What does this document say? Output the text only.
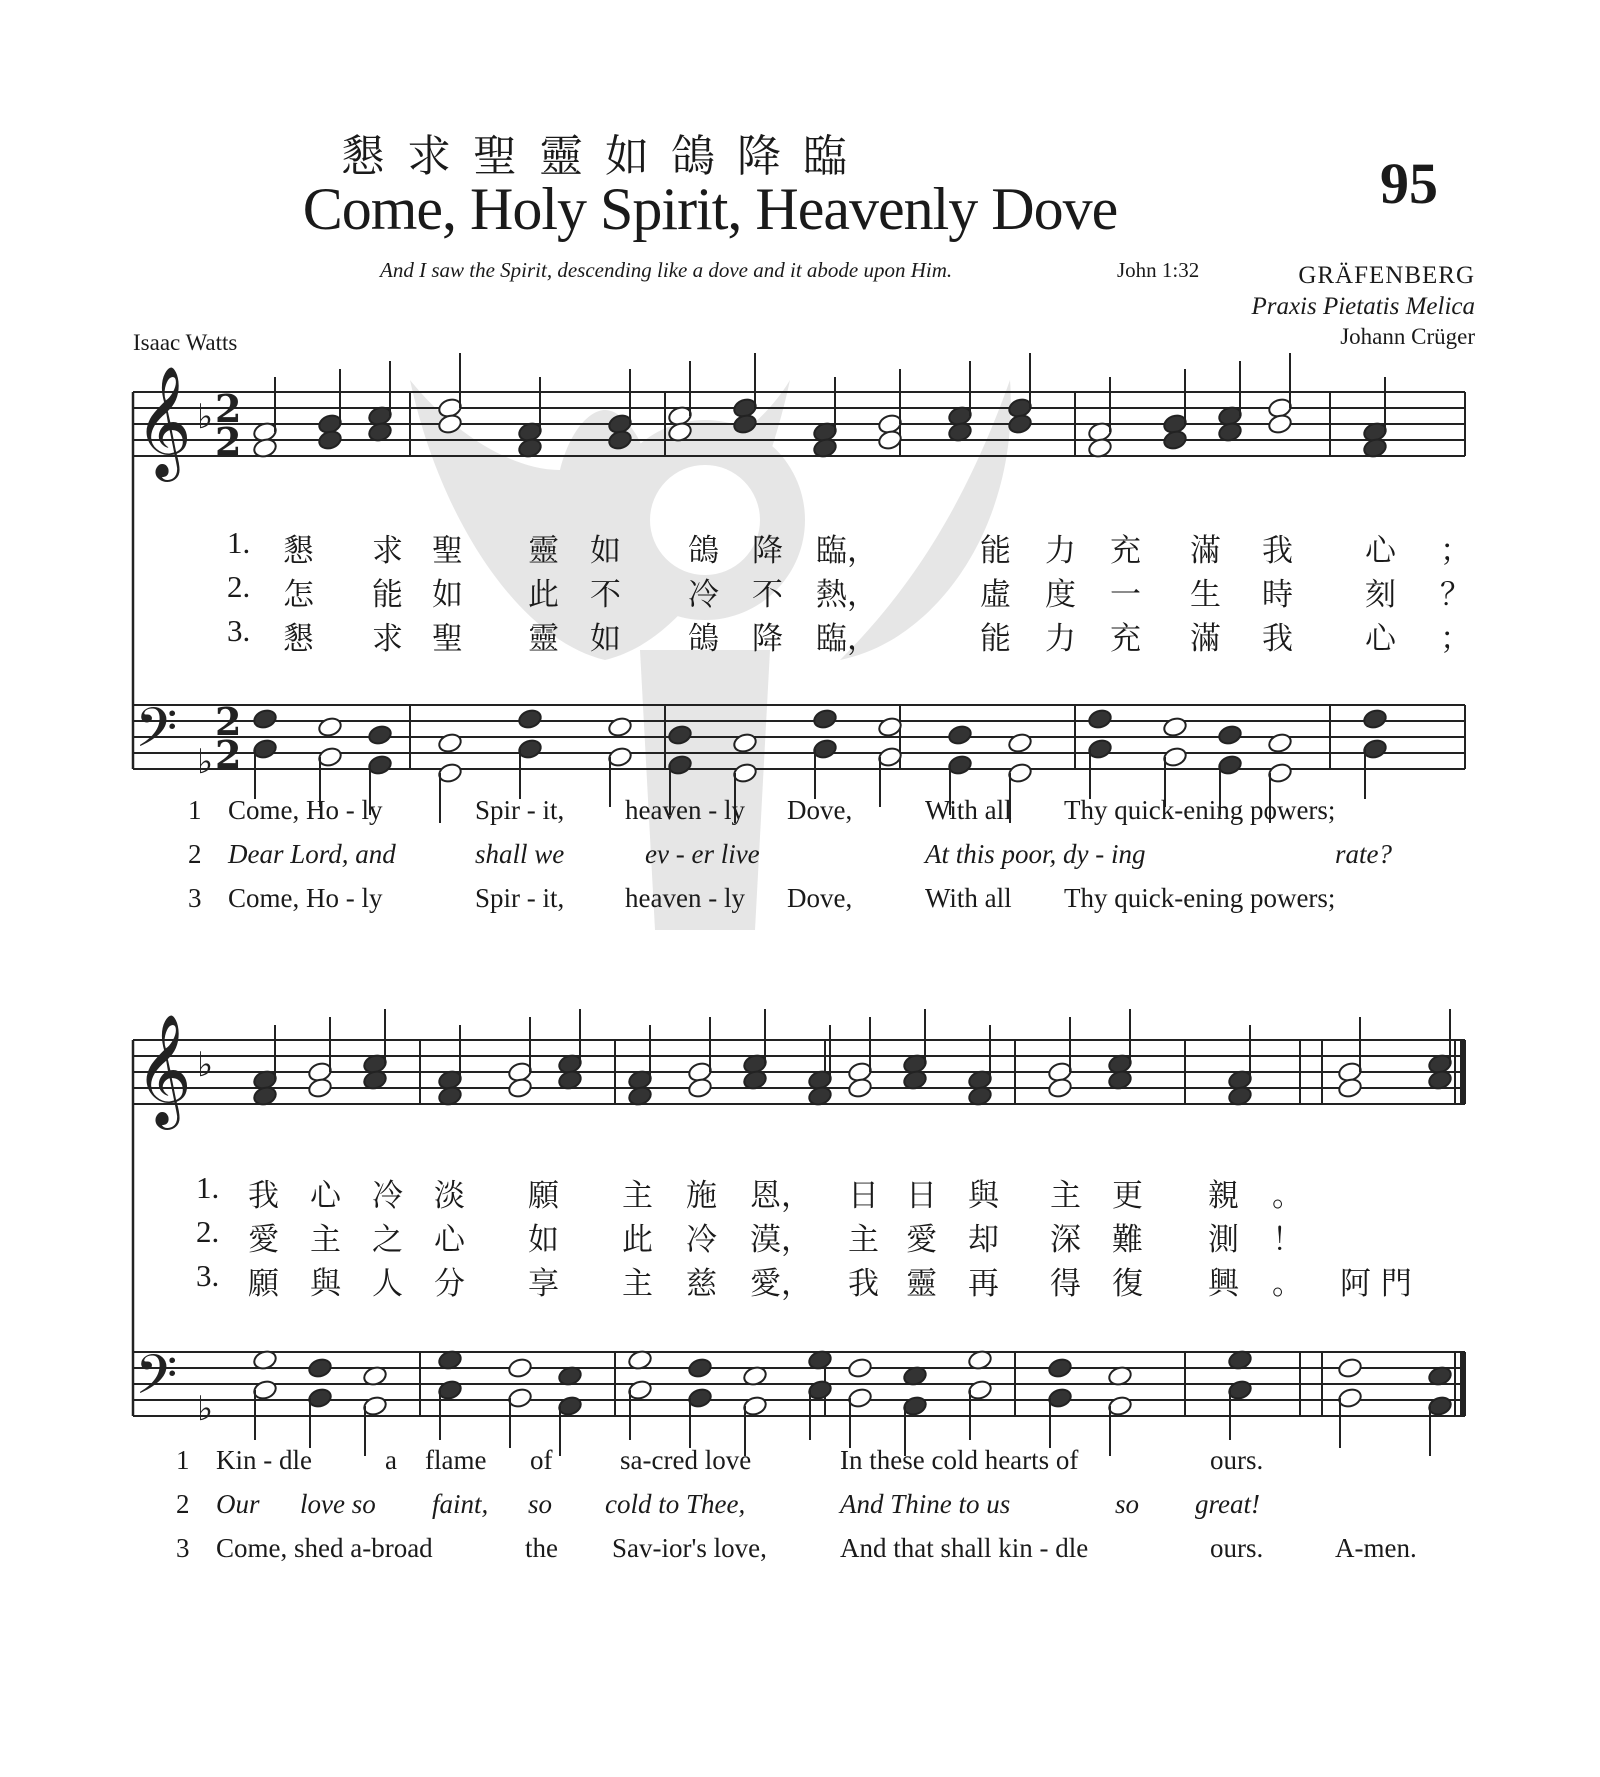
懇求聖靈如鴿降臨
Come, Holy Spirit, Heavenly Dove	95
And I saw the Spirit, descending like a dove and it abode upon Him.	John 1:32	GRÄFENBERG
Praxis Pietatis Melica
Johann Crüger
Isaac Watts
𝄞 ♭ 2
2
𝄢 ♭
2
2
𝄞 ♭
𝄢 ♭
1. 懇 求 聖 靈 如 鴿 降 臨，	能 力 充 滿 我 心 ；
2. 怎 能 如 此 不 冷 不 熱，	虛 度 一 生 時 刻 ？
3. 懇 求 聖 靈 如 鴿 降 臨，	能 力 充 滿 我 心 ；
1 Come, Ho - ly	Spir - it, heaven - ly Dove,	With all Thy quick-ening powers;
2 Dear Lord, and	shall we	ev - er live	At this poor, dy - ing	rate?
3 Come, Ho - ly	Spir - it, heaven - ly Dove,	With all Thy quick-ening powers;
1. 我 心 冷 淡 願 主 施 恩， 日 日 與 主 更 親 。
2. 愛 主 之 心 如 此 冷 漠， 主 愛 却 深 難 測 ！
3. 願 與 人 分 享 主 慈 愛， 我 靈 再 得 復 興 。 阿 門
1 Kin - dle	a flame of	sa-cred love	In these cold hearts of	ours.
2 Our love so faint, so cold to Thee,	And Thine to us	so great!
3 Come, shed a-broad	the Sav-ior's love,	And that shall kin - dle	ours.	A-men.
